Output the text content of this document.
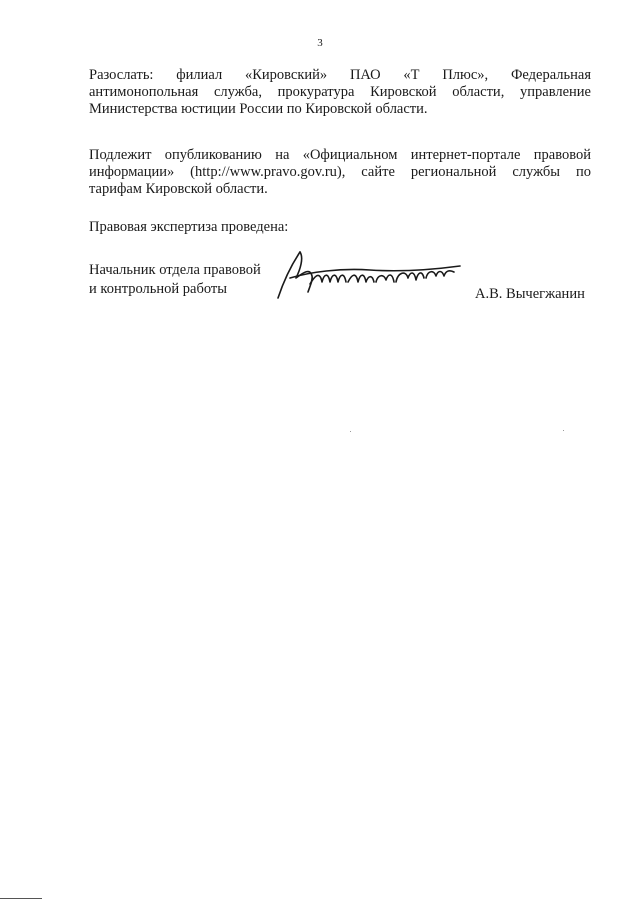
3
Разослать: филиал «Кировский» ПАО «Т Плюс», Федеральная
антимонопольная служба, прокуратура Кировской области, управление
Министерства юстиции России по Кировской области.
Подлежит опубликованию на «Официальном интернет-портале правовой
информации» (http://www.pravo.gov.ru), сайте региональной службы по
тарифам Кировской области.
Правовая экспертиза проведена:
Начальник отдела правовой
и контрольной работы	А.В. Вычегжанин
